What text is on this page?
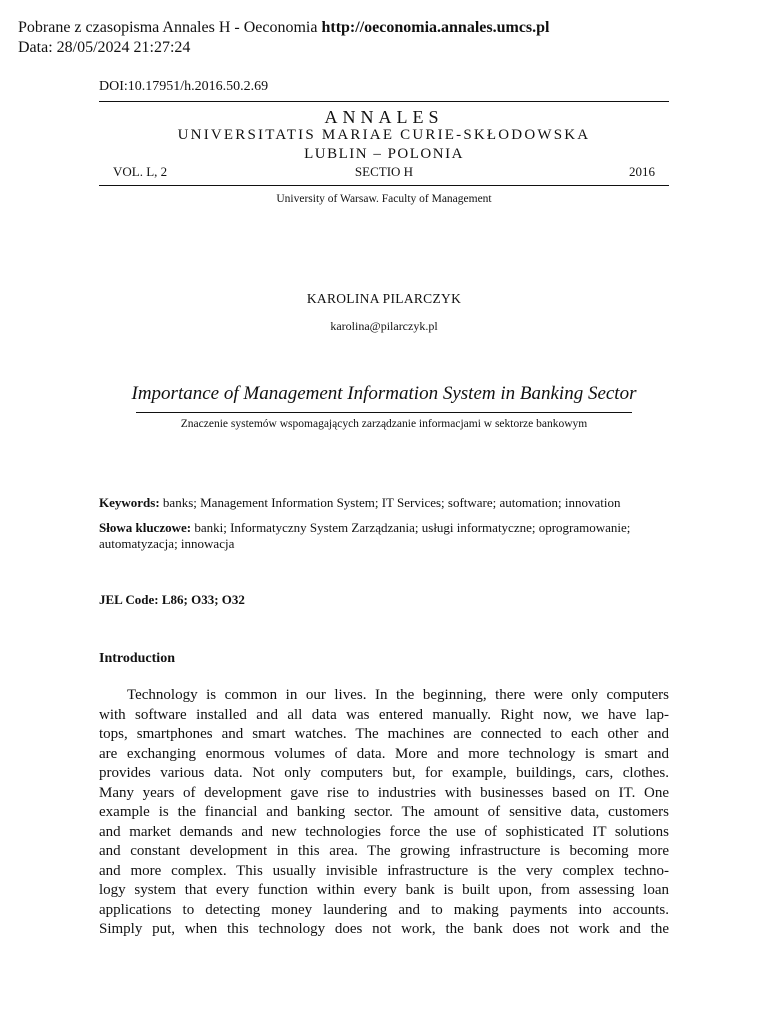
Pobrane z czasopisma Annales H - Oeconomia http://oeconomia.annales.umcs.pl
Data: 28/05/2024 21:27:24
DOI:10.17951/h.2016.50.2.69
ANNALES
UNIVERSITATIS MARIAE CURIE-SKŁODOWSKA
LUBLIN – POLONIA
VOL. L, 2	SECTIO H	2016
University of Warsaw. Faculty of Management
KAROLINA PILARCZYK
karolina@pilarczyk.pl
Importance of Management Information System in Banking Sector
Znaczenie systemów wspomagających zarządzanie informacjami w sektorze bankowym
Keywords: banks; Management Information System; IT Services; software; automation; innovation
Słowa kluczowe: banki; Informatyczny System Zarządzania; usługi informatyczne; oprogramowanie; automatyzacja; innowacja
JEL Code: L86; O33; O32
Introduction
Technology is common in our lives. In the beginning, there were only computers
with software installed and all data was entered manually. Right now, we have lap-
tops, smartphones and smart watches. The machines are connected to each other and
are exchanging enormous volumes of data. More and more technology is smart and
provides various data. Not only computers but, for example, buildings, cars, clothes.
Many years of development gave rise to industries with businesses based on IT. One
example is the financial and banking sector. The amount of sensitive data, customers
and market demands and new technologies force the use of sophisticated IT solutions
and constant development in this area. The growing infrastructure is becoming more
and more complex. This usually invisible infrastructure is the very complex techno-
logy system that every function within every bank is built upon, from assessing loan
applications to detecting money laundering and to making payments into accounts.
Simply put, when this technology does not work, the bank does not work and the
